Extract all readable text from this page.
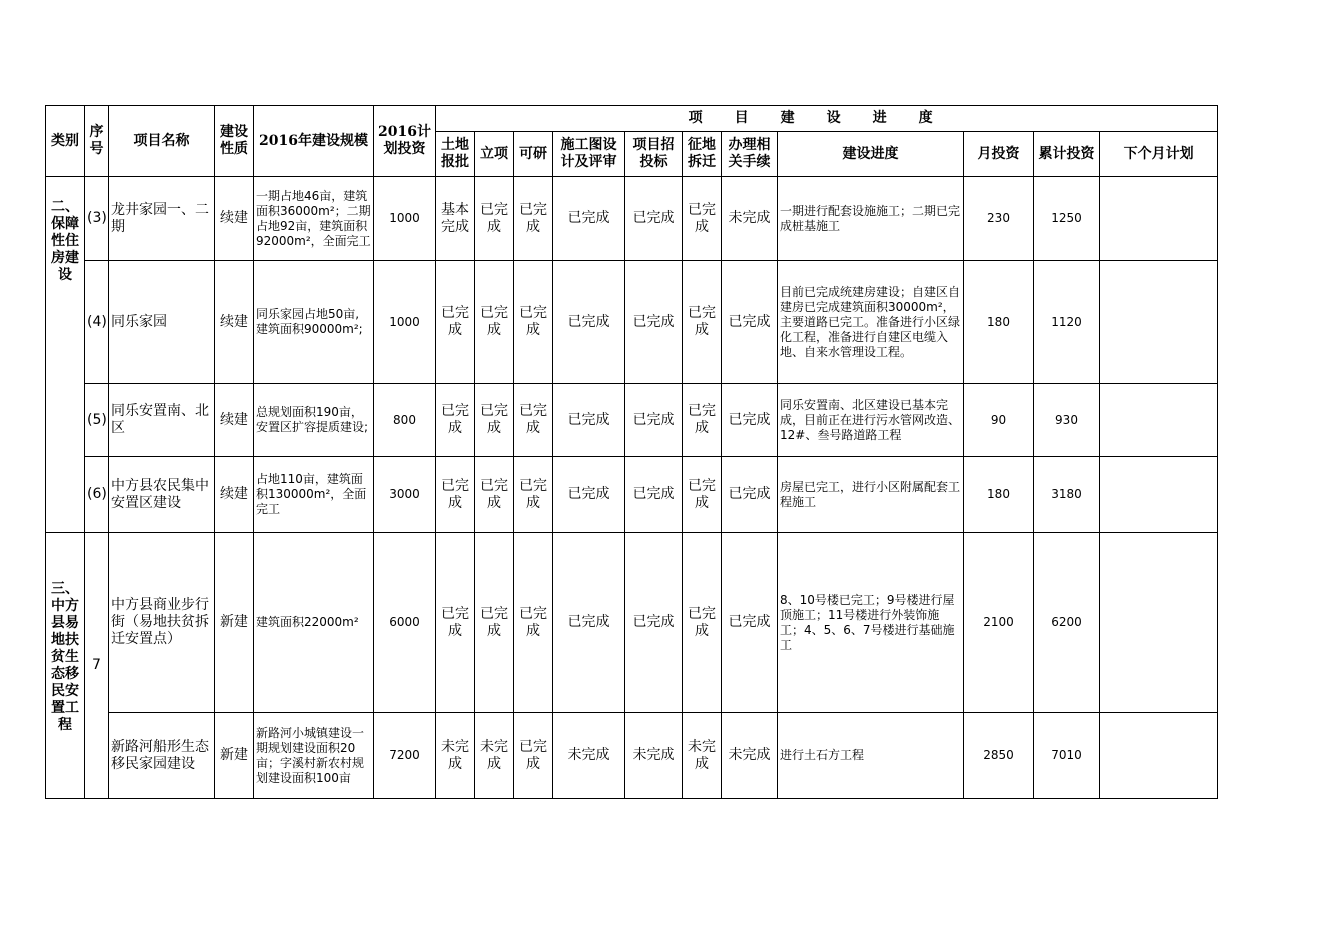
类别	序号	项目名称	建设性质	2016年建设规模	2016计划投资	项目建设进度										
						土地报批	立项	可研	施工图设计及评审	项目招投标	征地拆迁	办理相关手续	建设进度	月投资	累计投资	下个月计划
二、保障性住房建设	(3)	龙井家园一、二期	续建	一期占地46亩，建筑面积36000m²；二期占地92亩，建筑面积92000m²，全面完工	1000	基本完成	已完成	已完成	已完成	已完成	已完成	未完成	一期进行配套设施施工；二期已完成桩基施工	230	1250	
	(4)	同乐家园	续建	同乐家园占地50亩,建筑面积90000m²;	1000	已完成	已完成	已完成	已完成	已完成	已完成	已完成	目前已完成统建房建设；自建区自建房已完成建筑面积30000m²，主要道路已完工。准备进行小区绿化工程，准备进行自建区电缆入地、自来水管理设工程。	180	1120	
	(5)	同乐安置南、北区	续建	总规划面积190亩，安置区扩容提质建设;	800	已完成	已完成	已完成	已完成	已完成	已完成	已完成	同乐安置南、北区建设已基本完成，目前正在进行污水管网改造、12#、叁号路道路工程	90	930	
	(6)	中方县农民集中安置区建设	续建	占地110亩，建筑面积130000m²，全面完工	3000	已完成	已完成	已完成	已完成	已完成	已完成	已完成	房屋已完工，进行小区附属配套工程施工	180	3180	
三、中方县易地扶贫生态移民安置工程	7	中方县商业步行街（易地扶贫拆迁安置点）	新建	建筑面积22000m²	6000	已完成	已完成	已完成	已完成	已完成	已完成	已完成	8、10号楼已完工；9号楼进行屋顶施工；11号楼进行外装饰施工；4、5、6、7号楼进行基础施工	2100	6200	
		新路河船形生态移民家园建设	新建	新路河小城镇建设一期规划建设面积20亩；字溪村新农村规划建设面积100亩	7200	未完成	未完成	已完成	未完成	未完成	未完成	未完成	进行土石方工程	2850	7010	
